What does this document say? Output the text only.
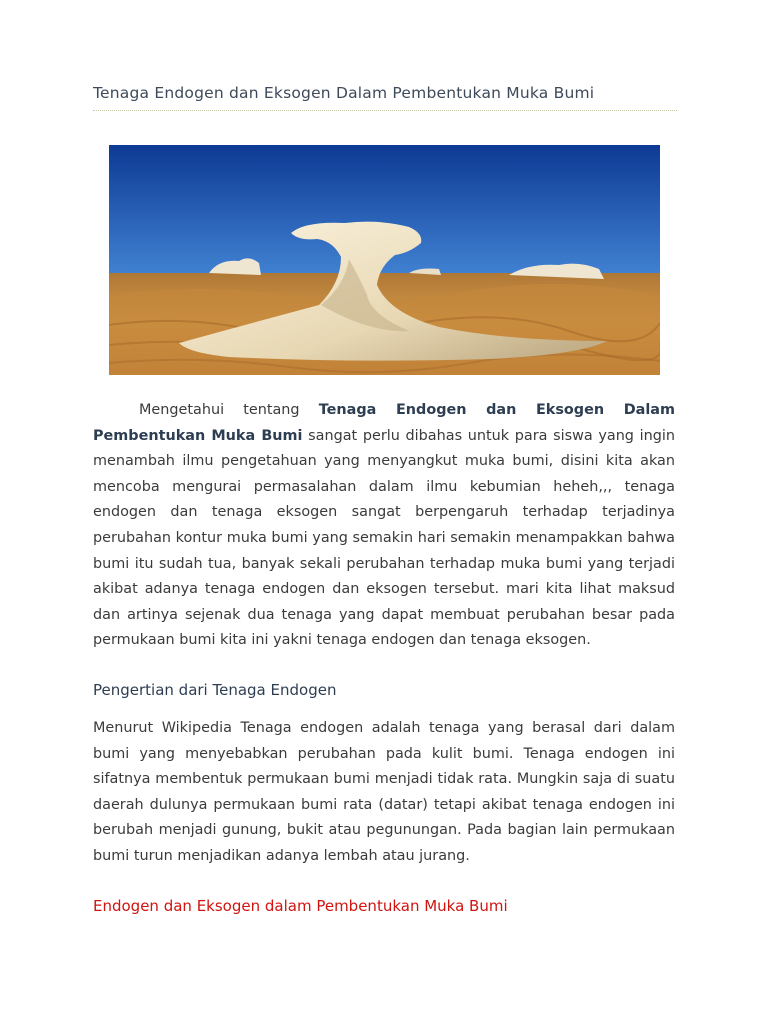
Tenaga Endogen dan Eksogen Dalam Pembentukan Muka Bumi
Mengetahui tentang Tenaga Endogen dan Eksogen Dalam Pembentukan Muka Bumi sangat perlu dibahas untuk para siswa yang ingin menambah ilmu pengetahuan yang menyangkut muka bumi, disini kita akan mencoba mengurai permasalahan dalam ilmu kebumian heheh,,, tenaga endogen dan tenaga eksogen sangat berpengaruh terhadap terjadinya perubahan kontur muka bumi yang semakin hari semakin menampakkan bahwa bumi itu sudah tua, banyak sekali perubahan terhadap muka bumi yang terjadi akibat adanya tenaga endogen dan eksogen tersebut. mari kita lihat maksud dan artinya sejenak dua tenaga yang dapat membuat perubahan besar pada permukaan bumi kita ini yakni tenaga endogen dan tenaga eksogen.
Pengertian dari Tenaga Endogen
Menurut Wikipedia Tenaga endogen adalah tenaga yang berasal dari dalam bumi yang menyebabkan perubahan pada kulit bumi. Tenaga endogen ini sifatnya membentuk permukaan bumi menjadi tidak rata. Mungkin saja di suatu daerah dulunya permukaan bumi rata (datar) tetapi akibat tenaga endogen ini berubah menjadi gunung, bukit atau pegunungan. Pada bagian lain permukaan bumi turun menjadikan adanya lembah atau jurang.
Endogen dan Eksogen dalam Pembentukan Muka Bumi
